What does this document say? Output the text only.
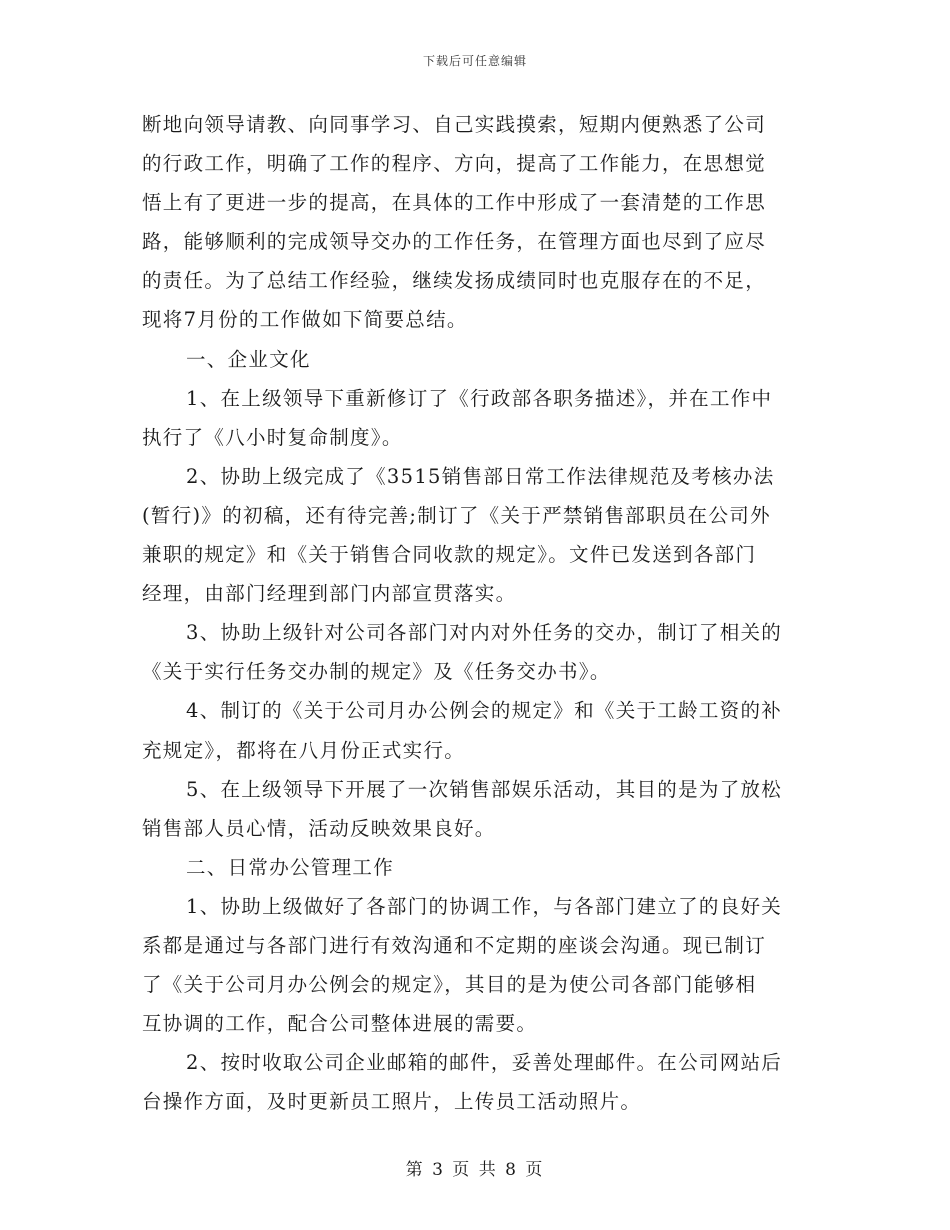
下载后可任意编辑
断地向领导请教、向同事学习、自己实践摸索，短期内便熟悉了公司
的行政工作，明确了工作的程序、方向，提高了工作能力，在思想觉
悟上有了更进一步的提高，在具体的工作中形成了一套清楚的工作思
路，能够顺利的完成领导交办的工作任务，在管理方面也尽到了应尽
的责任。为了总结工作经验，继续发扬成绩同时也克服存在的不足，
现将7月份的工作做如下简要总结。
一、企业文化
1、在上级领导下重新修订了《行政部各职务描述》，并在工作中
执行了《八小时复命制度》。
2、协助上级完成了《3515销售部日常工作法律规范及考核办法
(暂行)》的初稿，还有待完善;制订了《关于严禁销售部职员在公司外
兼职的规定》和《关于销售合同收款的规定》。文件已发送到各部门
经理，由部门经理到部门内部宣贯落实。
3、协助上级针对公司各部门对内对外任务的交办，制订了相关的
《关于实行任务交办制的规定》及《任务交办书》。
4、制订的《关于公司月办公例会的规定》和《关于工龄工资的补
充规定》，都将在八月份正式实行。
5、在上级领导下开展了一次销售部娱乐活动，其目的是为了放松
销售部人员心情，活动反映效果良好。
二、日常办公管理工作
1、协助上级做好了各部门的协调工作，与各部门建立了的良好关
系都是通过与各部门进行有效沟通和不定期的座谈会沟通。现已制订
了《关于公司月办公例会的规定》，其目的是为使公司各部门能够相
互协调的工作，配合公司整体进展的需要。
2、按时收取公司企业邮箱的邮件，妥善处理邮件。在公司网站后
台操作方面，及时更新员工照片，上传员工活动照片。
第 3 页 共 8 页
